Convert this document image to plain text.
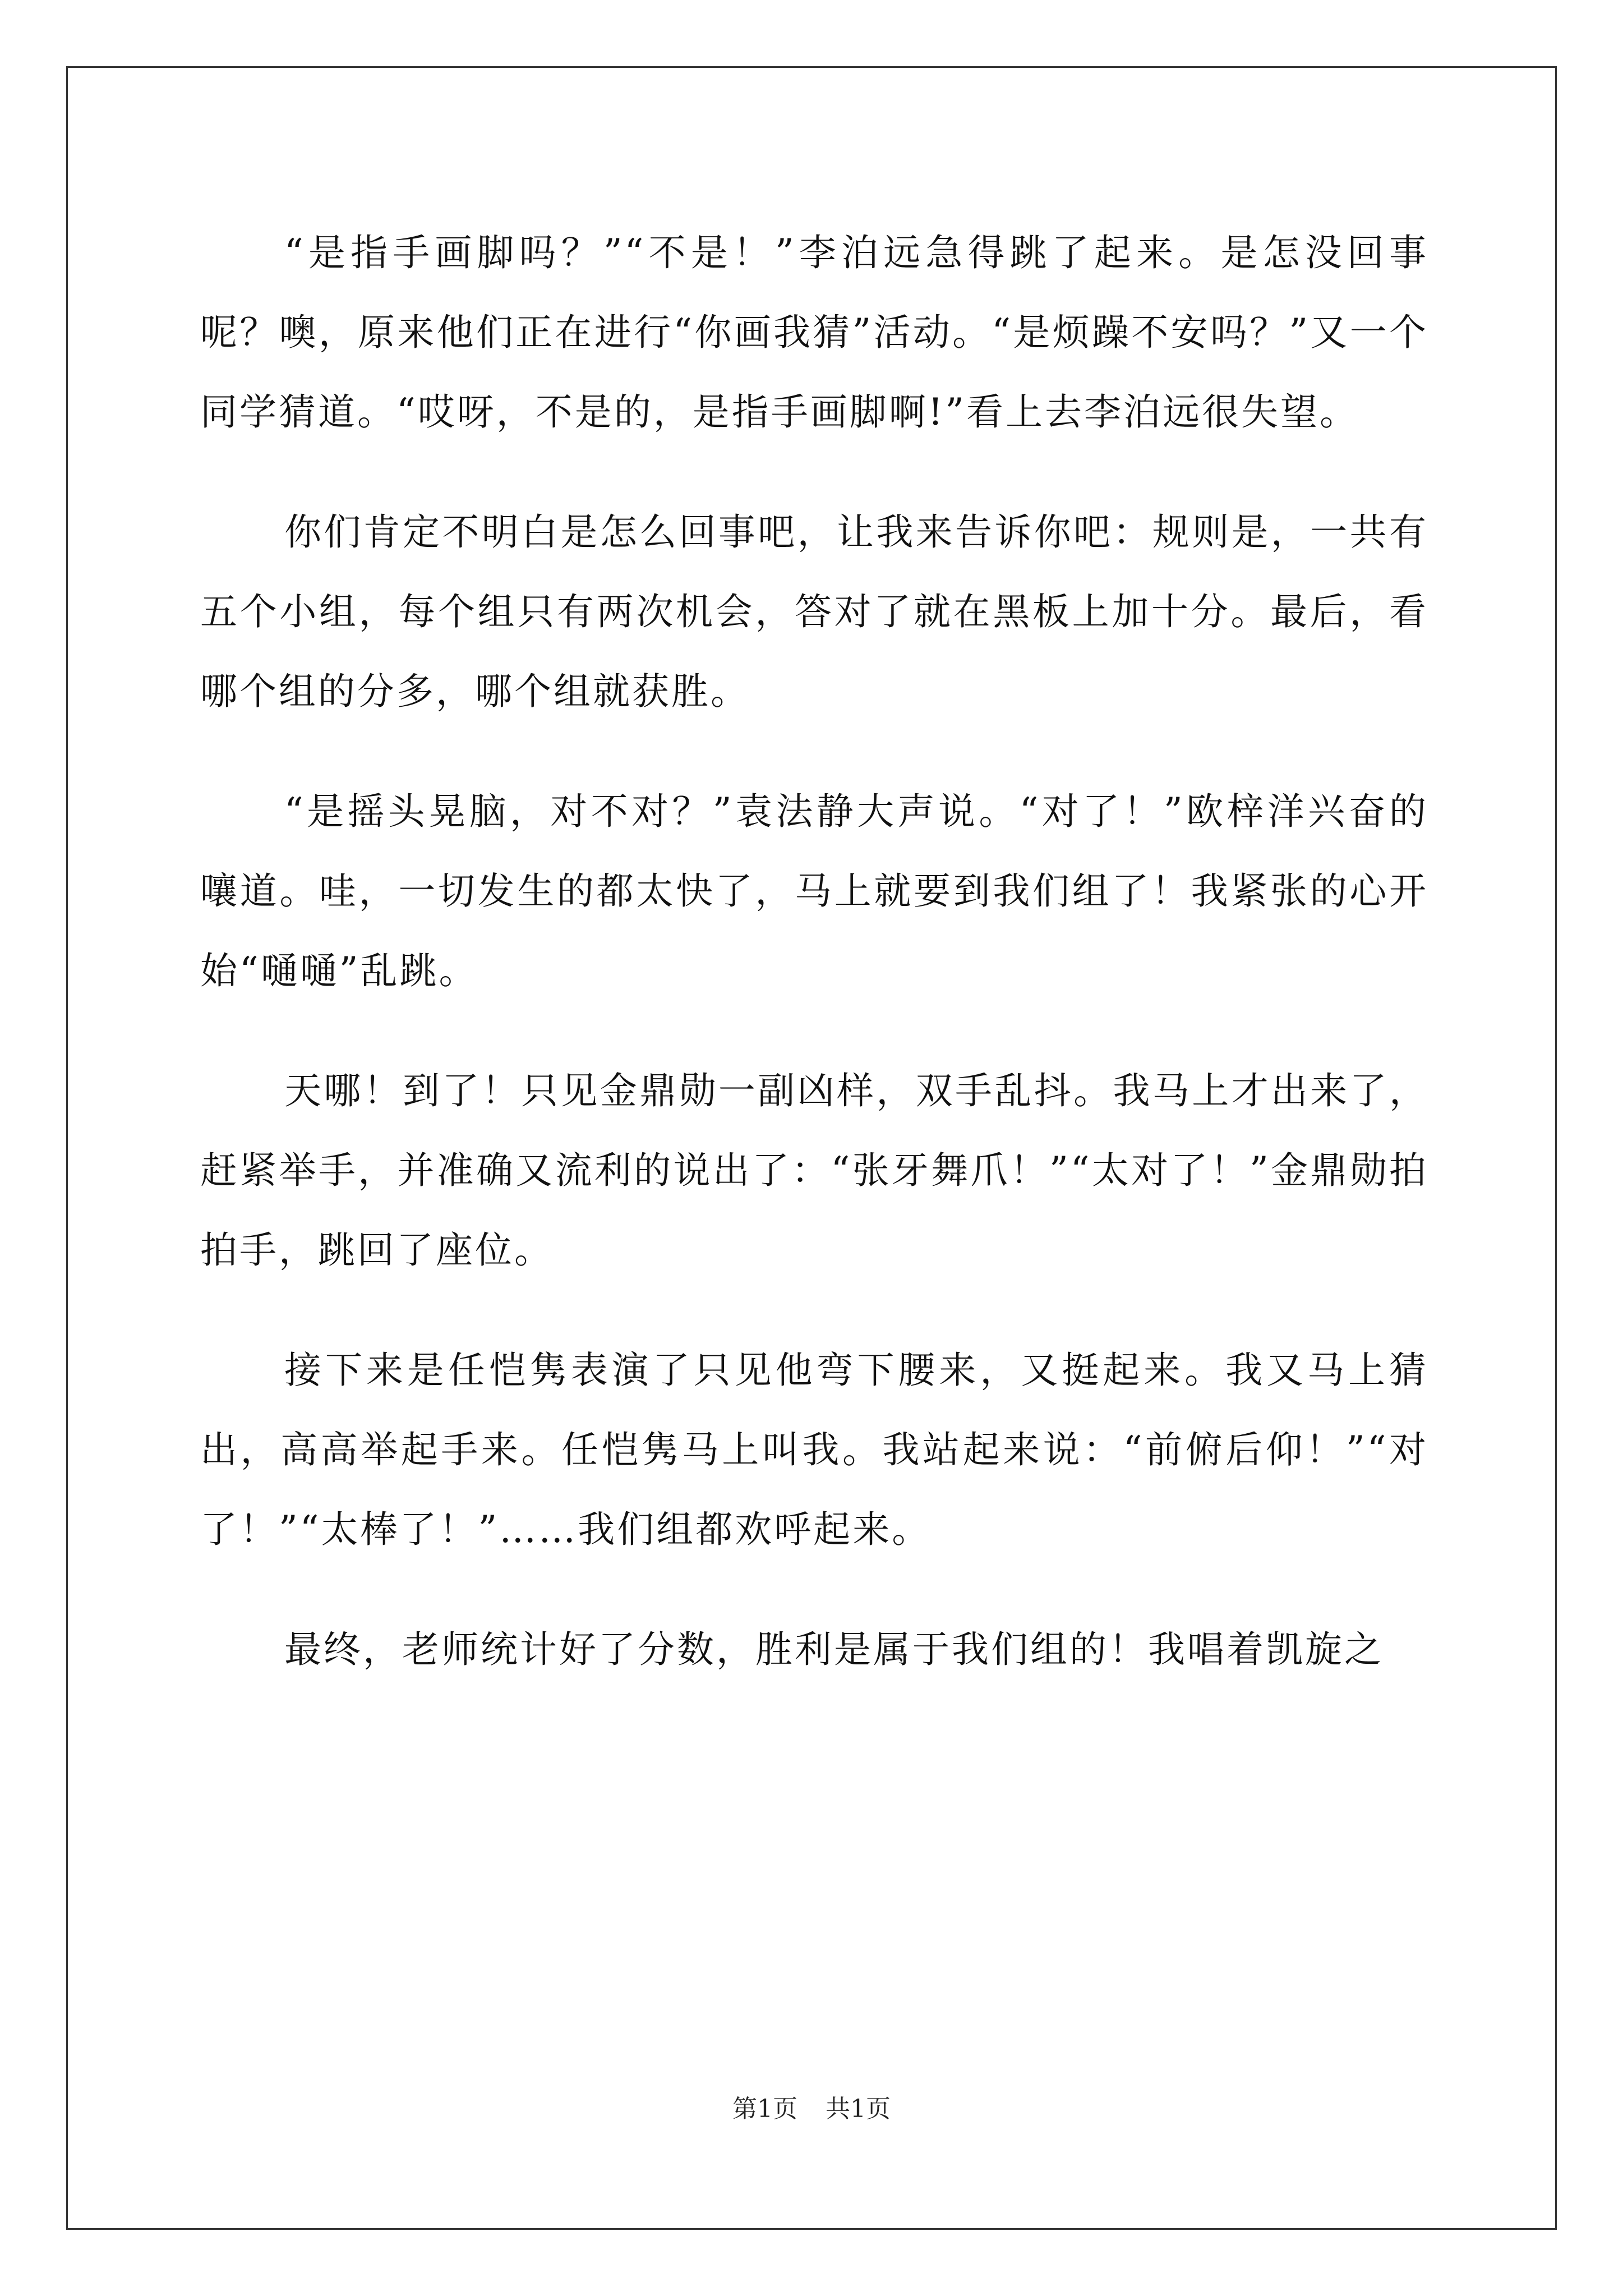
“是指手画脚吗？”“不是！”李泊远急得跳了起来。是怎没回事呢？噢，原来他们正在进行“你画我猜”活动。“是烦躁不安吗？”又一个同学猜道。“哎呀，不是的，是指手画脚啊!”看上去李泊远很失望。

你们肯定不明白是怎么回事吧，让我来告诉你吧：规则是，一共有五个小组，每个组只有两次机会，答对了就在黑板上加十分。最后，看哪个组的分多，哪个组就获胜。

“是摇头晃脑，对不对？”袁法静大声说。“对了！”欧梓洋兴奋的嚷道。哇，一切发生的都太快了，马上就要到我们组了！我紧张的心开始“嗵嗵”乱跳。

天哪！到了！只见金鼎勋一副凶样，双手乱抖。我马上才出来了，赶紧举手，并准确又流利的说出了：“张牙舞爪！”“太对了！”金鼎勋拍拍手，跳回了座位。

接下来是任恺隽表演了只见他弯下腰来，又挺起来。我又马上猜出，高高举起手来。任恺隽马上叫我。我站起来说：“前俯后仰！”“对了！”“太棒了！”……我们组都欢呼起来。

最终，老师统计好了分数，胜利是属于我们组的！我唱着凯旋之

第1页 共1页
